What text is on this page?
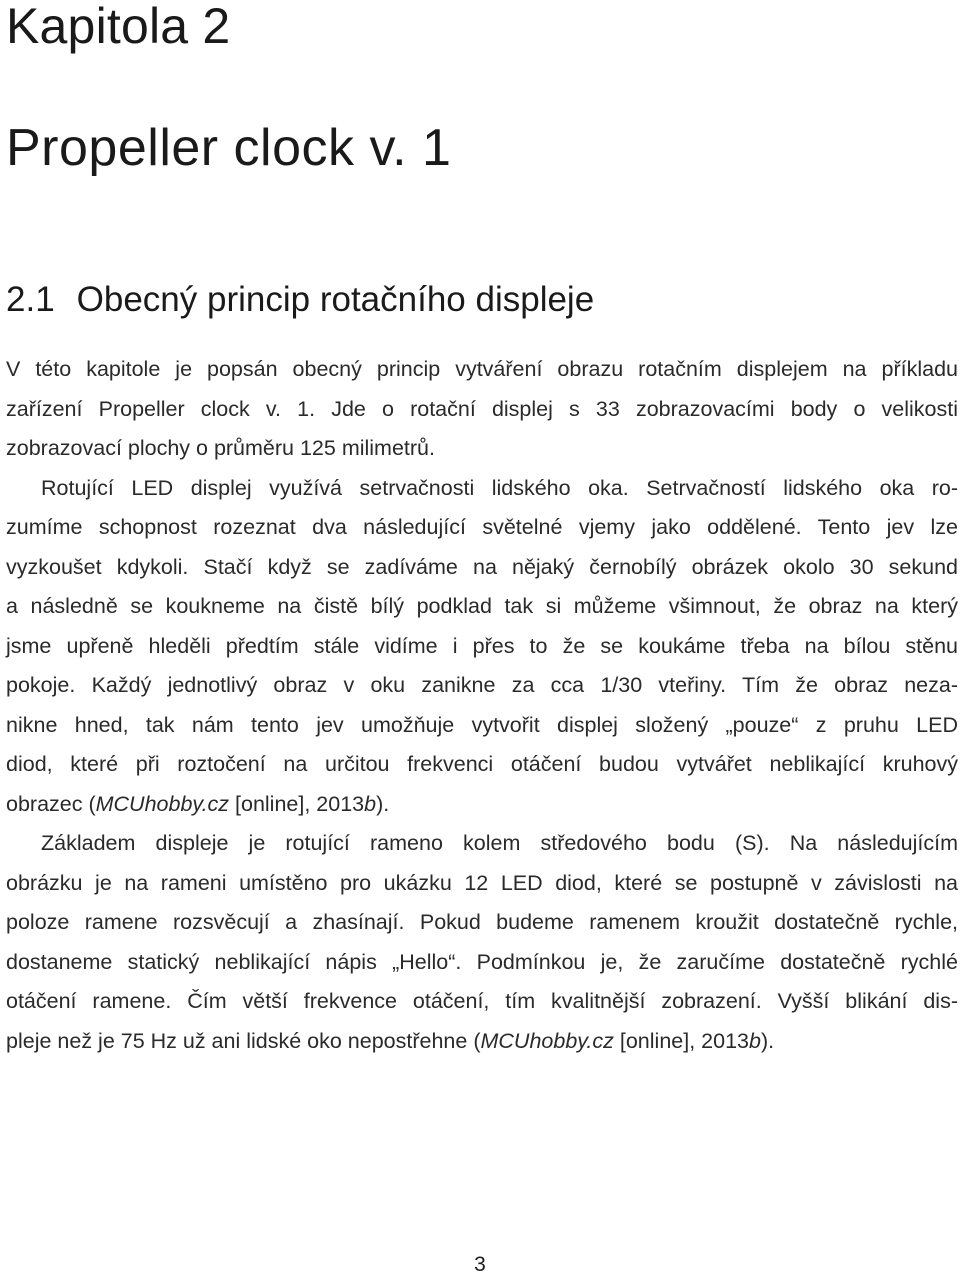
Kapitola 2
Propeller clock v. 1
2.1 Obecný princip rotačního displeje
V této kapitole je popsán obecný princip vytváření obrazu rotačním displejem na příkladu
zařízení Propeller clock v. 1. Jde o rotační displej s 33 zobrazovacími body o velikosti
zobrazovací plochy o průměru 125 milimetrů.
Rotující LED displej využívá setrvačnosti lidského oka. Setrvačností lidského oka ro-
zumíme schopnost rozeznat dva následující světelné vjemy jako oddělené. Tento jev lze
vyzkoušet kdykoli. Stačí když se zadíváme na nějaký černobílý obrázek okolo 30 sekund
a následně se koukneme na čistě bílý podklad tak si můžeme všimnout, že obraz na který
jsme upřeně hleděli předtím stále vidíme i přes to že se koukáme třeba na bílou stěnu
pokoje. Každý jednotlivý obraz v oku zanikne za cca 1/30 vteřiny. Tím že obraz neza-
nikne hned, tak nám tento jev umožňuje vytvořit displej složený „pouze“ z pruhu LED
diod, které při roztočení na určitou frekvenci otáčení budou vytvářet neblikající kruhový
obrazec (MCUhobby.cz [online], 2013b).
Základem displeje je rotující rameno kolem středového bodu (S). Na následujícím
obrázku je na rameni umístěno pro ukázku 12 LED diod, které se postupně v závislosti na
poloze ramene rozsvěcují a zhasínají. Pokud budeme ramenem kroužit dostatečně rychle,
dostaneme statický neblikající nápis „Hello“. Podmínkou je, že zaručíme dostatečně rychlé
otáčení ramene. Čím větší frekvence otáčení, tím kvalitnější zobrazení. Vyšší blikání dis-
pleje než je 75 Hz už ani lidské oko nepostřehne (MCUhobby.cz [online], 2013b).
3
